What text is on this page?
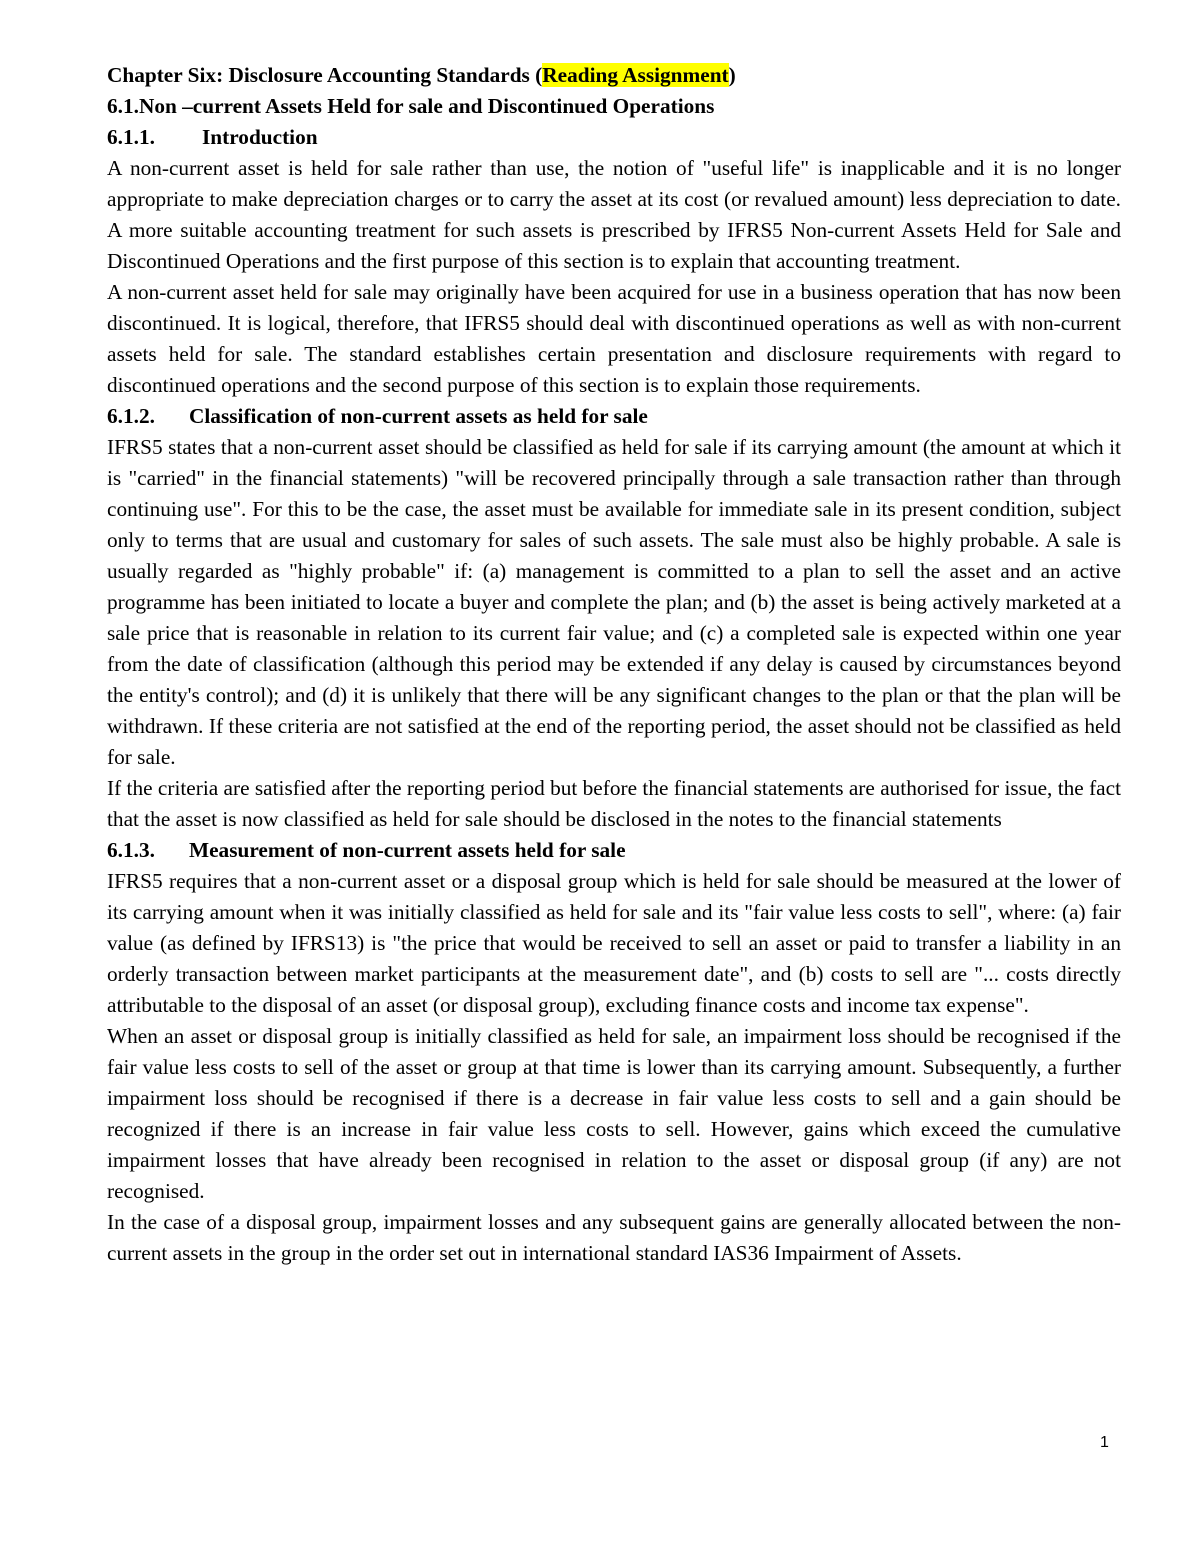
Chapter Six: Disclosure Accounting Standards (Reading Assignment)
6.1.Non –current Assets Held for sale and Discontinued Operations
6.1.1. Introduction

A non-current asset is held for sale rather than use, the notion of "useful life" is inapplicable and it is no longer appropriate to make depreciation charges or to carry the asset at its cost (or revalued amount) less depreciation to date. A more suitable accounting treatment for such assets is prescribed by IFRS5 Non-current Assets Held for Sale and Discontinued Operations and the first purpose of this section is to explain that accounting treatment.

A non-current asset held for sale may originally have been acquired for use in a business operation that has now been discontinued. It is logical, therefore, that IFRS5 should deal with discontinued operations as well as with non-current assets held for sale. The standard establishes certain presentation and disclosure requirements with regard to discontinued operations and the second purpose of this section is to explain those requirements.

6.1.2. Classification of non-current assets as held for sale

IFRS5 states that a non-current asset should be classified as held for sale if its carrying amount (the amount at which it is "carried" in the financial statements) "will be recovered principally through a sale transaction rather than through continuing use". For this to be the case, the asset must be available for immediate sale in its present condition, subject only to terms that are usual and customary for sales of such assets. The sale must also be highly probable. A sale is usually regarded as "highly probable" if: (a) management is committed to a plan to sell the asset and an active programme has been initiated to locate a buyer and complete the plan; and (b) the asset is being actively marketed at a sale price that is reasonable in relation to its current fair value; and (c) a completed sale is expected within one year from the date of classification (although this period may be extended if any delay is caused by circumstances beyond the entity's control); and (d) it is unlikely that there will be any significant changes to the plan or that the plan will be withdrawn. If these criteria are not satisfied at the end of the reporting period, the asset should not be classified as held for sale.

If the criteria are satisfied after the reporting period but before the financial statements are authorised for issue, the fact that the asset is now classified as held for sale should be disclosed in the notes to the financial statements

6.1.3. Measurement of non-current assets held for sale

IFRS5 requires that a non-current asset or a disposal group which is held for sale should be measured at the lower of its carrying amount when it was initially classified as held for sale and its "fair value less costs to sell", where: (a) fair value (as defined by IFRS13) is "the price that would be received to sell an asset or paid to transfer a liability in an orderly transaction between market participants at the measurement date", and (b) costs to sell are "... costs directly attributable to the disposal of an asset (or disposal group), excluding finance costs and income tax expense".

When an asset or disposal group is initially classified as held for sale, an impairment loss should be recognised if the fair value less costs to sell of the asset or group at that time is lower than its carrying amount. Subsequently, a further impairment loss should be recognised if there is a decrease in fair value less costs to sell and a gain should be recognized if there is an increase in fair value less costs to sell. However, gains which exceed the cumulative impairment losses that have already been recognised in relation to the asset or disposal group (if any) are not recognised.

In the case of a disposal group, impairment losses and any subsequent gains are generally allocated between the non-current assets in the group in the order set out in international standard IAS36 Impairment of Assets.

1
